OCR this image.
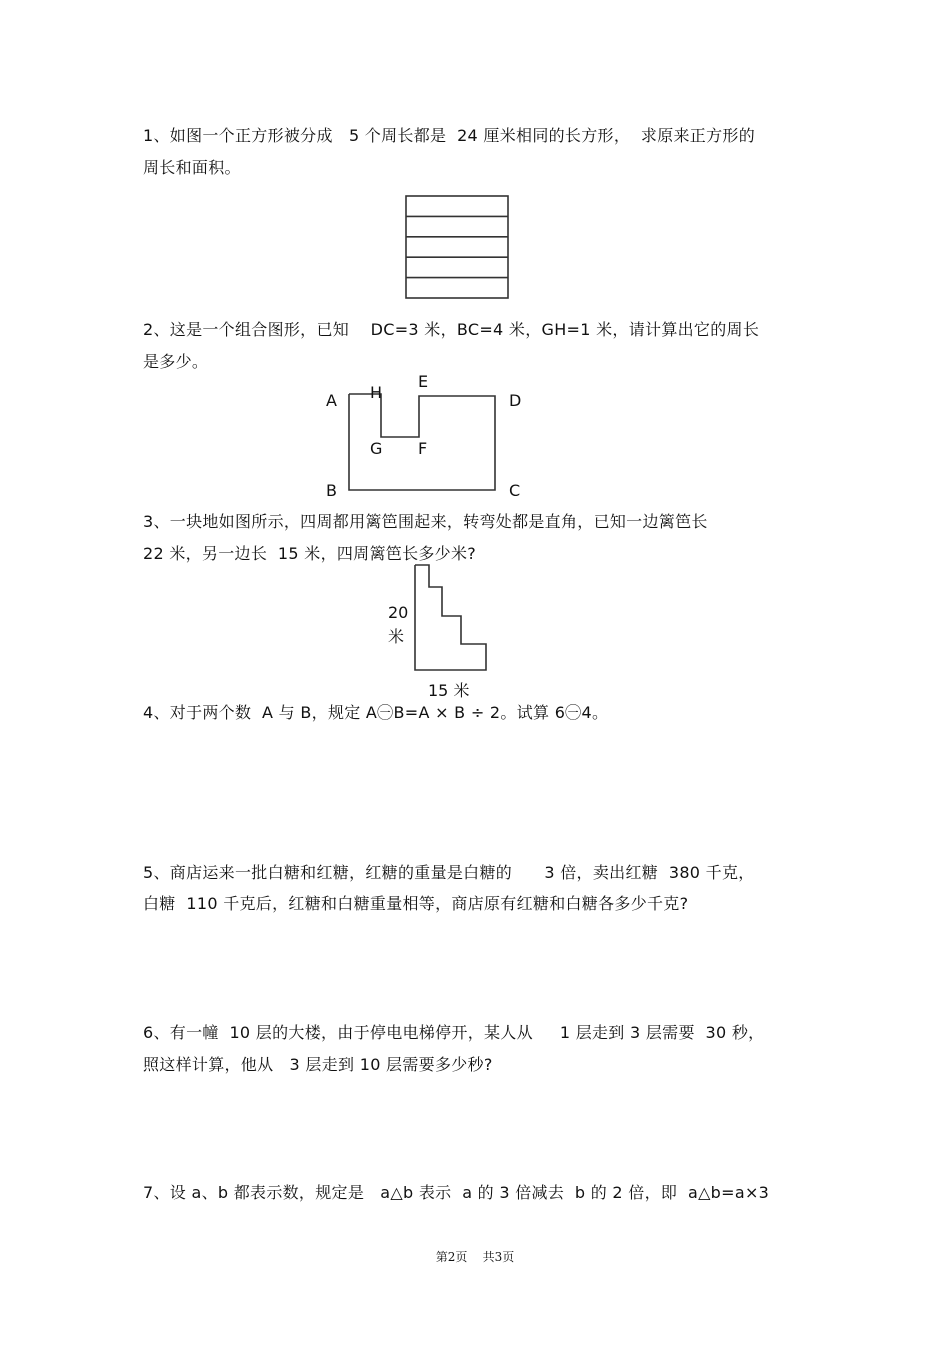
1、如图一个正方形被分成   5 个周长都是  24 厘米相同的长方形，  求原来正方形的
周长和面积。
2、这是一个组合图形，已知    DC=3 米，BC=4 米，GH=1 米，请计算出它的周长
是多少。
A H
E
D
G F
B	C
3、一块地如图所示，四周都用篱笆围起来，转弯处都是直角，已知一边篱笆长
22 米，另一边长  15 米，四周篱笆长多少米?
20
米
15 米
4、对于两个数  A 与 B，规定 A㊀B=A × B ÷ 2。试算 6㊀4。
5、商店运来一批白糖和红糖，红糖的重量是白糖的      3 倍，卖出红糖  380 千克，
白糖  110 千克后，红糖和白糖重量相等，商店原有红糖和白糖各多少千克?
6、有一幢  10 层的大楼，由于停电电梯停开，某人从     1 层走到 3 层需要  30 秒，
照这样计算，他从   3 层走到 10 层需要多少秒?
7、设 a、b 都表示数，规定是   a△b 表示  a 的 3 倍减去  b 的 2 倍，即  a△b=a×3
第2页    共3页
